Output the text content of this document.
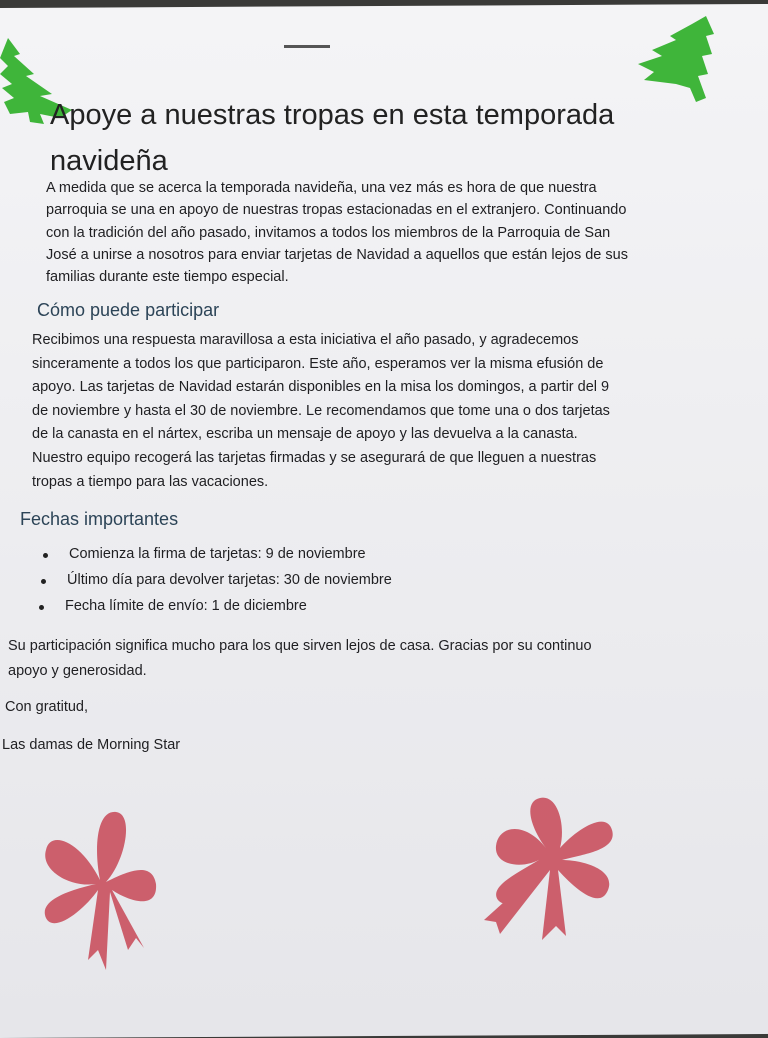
Apoye a nuestras tropas en esta temporada
navideña
A medida que se acerca la temporada navideña, una vez más es hora de que nuestra
parroquia se una en apoyo de nuestras tropas estacionadas en el extranjero. Continuando
con la tradición del año pasado, invitamos a todos los miembros de la Parroquia de San
José a unirse a nosotros para enviar tarjetas de Navidad a aquellos que están lejos de sus
familias durante este tiempo especial.
Cómo puede participar
Recibimos una respuesta maravillosa a esta iniciativa el año pasado, y agradecemos
sinceramente a todos los que participaron. Este año, esperamos ver la misma efusión de
apoyo. Las tarjetas de Navidad estarán disponibles en la misa los domingos, a partir del 9
de noviembre y hasta el 30 de noviembre. Le recomendamos que tome una o dos tarjetas
de la canasta en el nártex, escriba un mensaje de apoyo y las devuelva a la canasta.
Nuestro equipo recogerá las tarjetas firmadas y se asegurará de que lleguen a nuestras
tropas a tiempo para las vacaciones.
Fechas importantes
Comienza la firma de tarjetas: 9 de noviembre
Último día para devolver tarjetas: 30 de noviembre
Fecha límite de envío: 1 de diciembre
Su participación significa mucho para los que sirven lejos de casa. Gracias por su continuo
apoyo y generosidad.
Con gratitud,
Las damas de Morning Star
